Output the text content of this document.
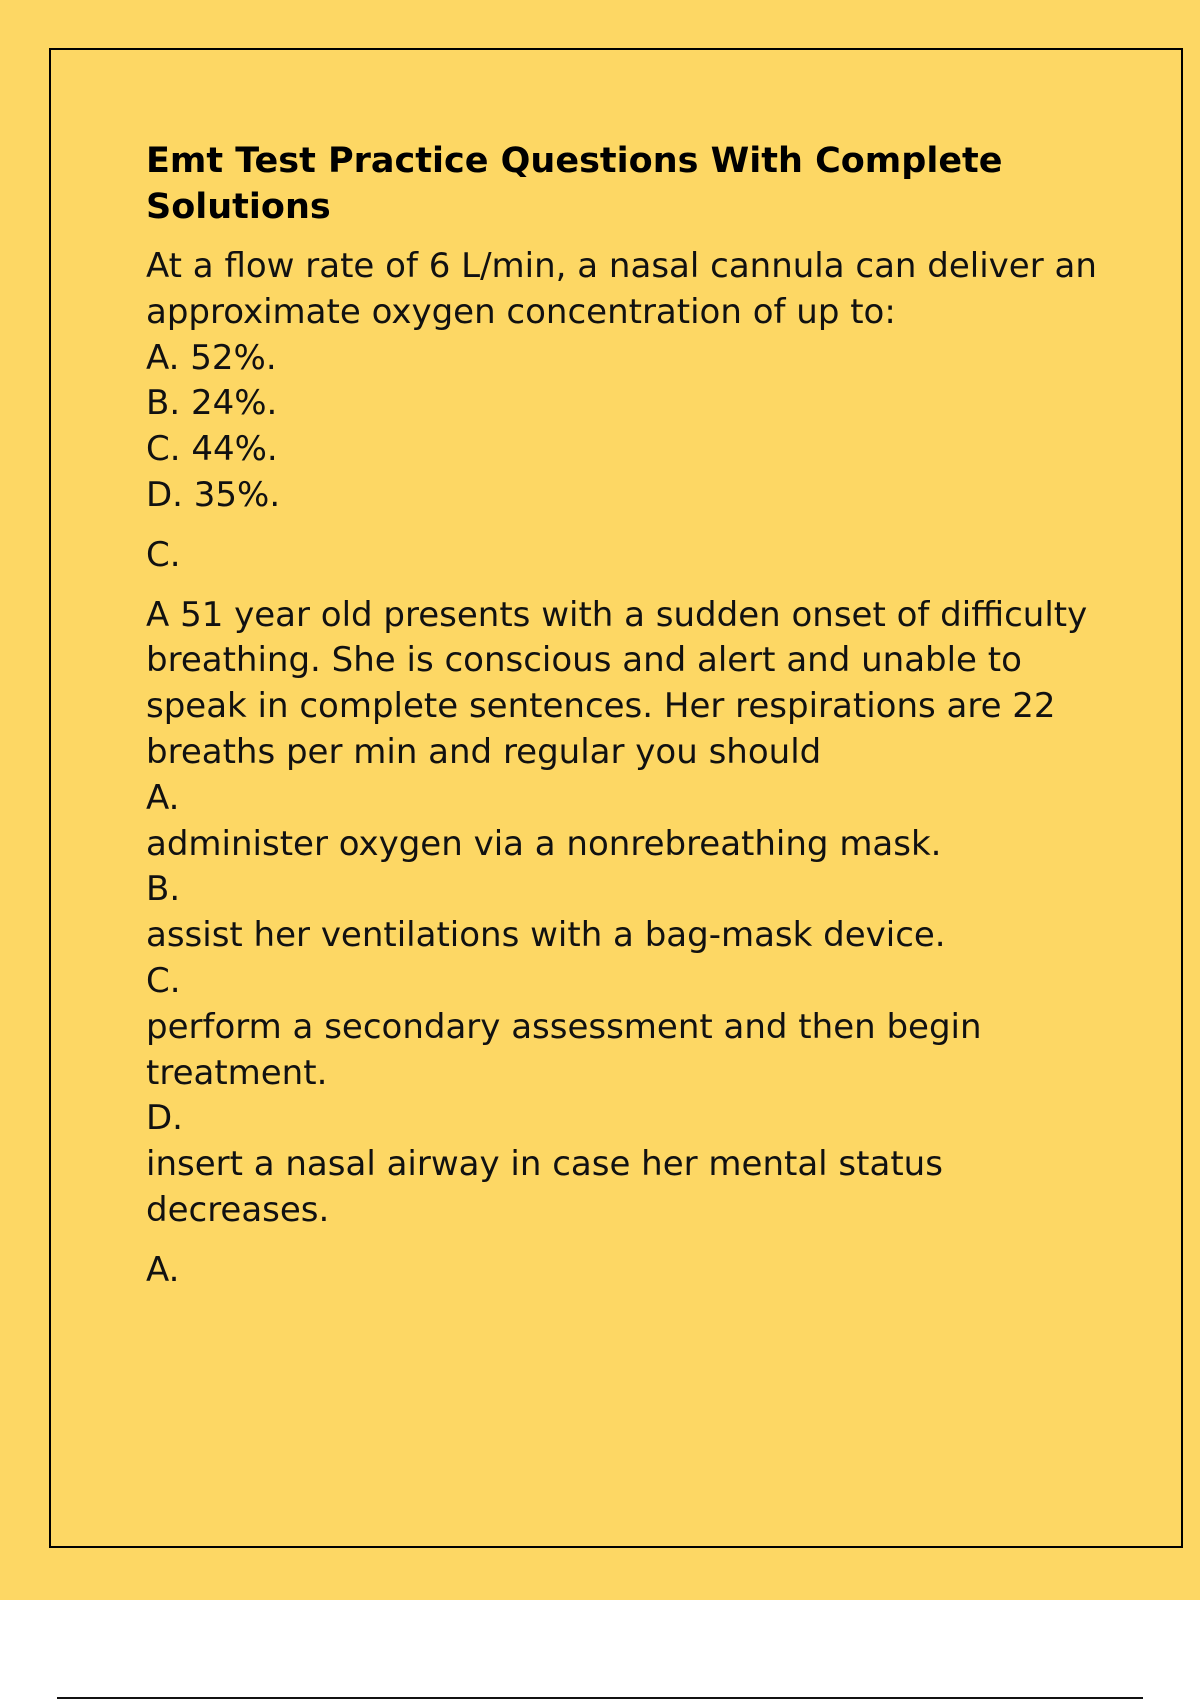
Emt Test Practice Questions With Complete Solutions

At a flow rate of 6 L/min, a nasal cannula can deliver an approximate oxygen concentration of up to:

A. 52%.
B. 24%.
C. 44%.
D. 35%.

C.

A 51 year old presents with a sudden onset of difficulty breathing. She is conscious and alert and unable to speak in complete sentences. Her respirations are 22 breaths per min and regular you should

A.
administer oxygen via a nonrebreathing mask.
B.
assist her ventilations with a bag-mask device.
C.
perform a secondary assessment and then begin treatment.
D.
insert a nasal airway in case her mental status decreases.

A.
